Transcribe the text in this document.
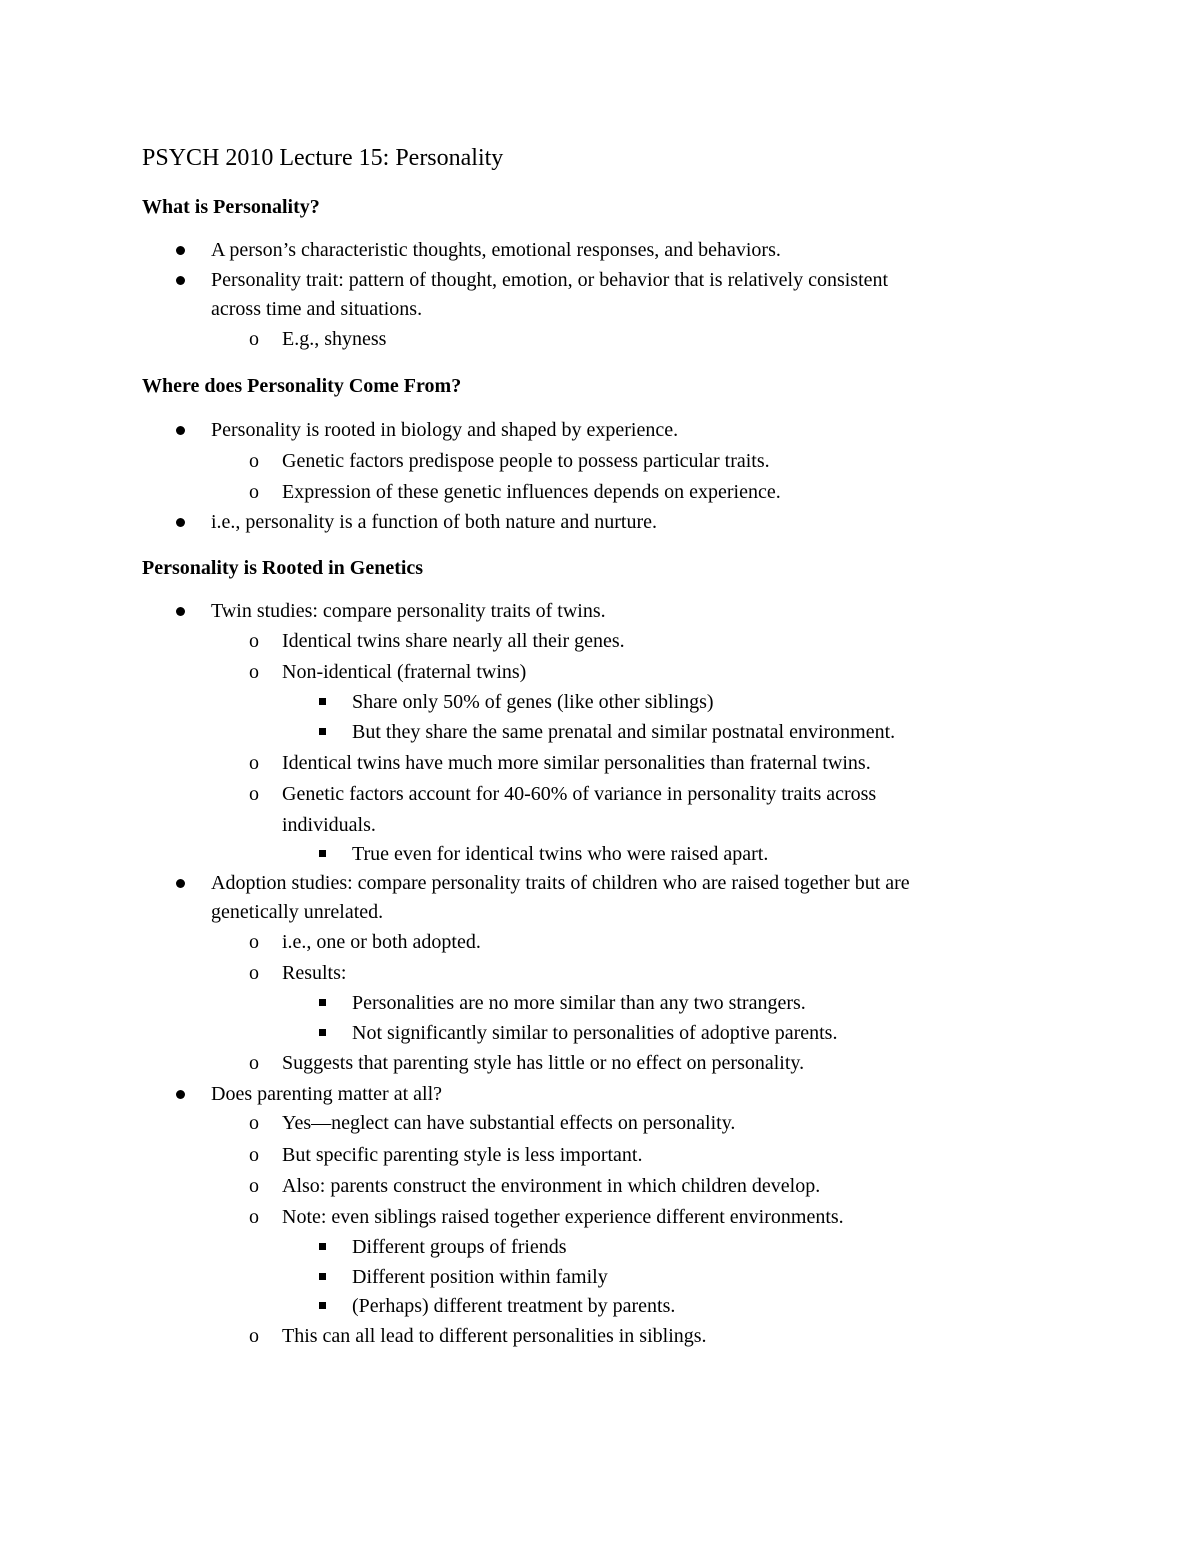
PSYCH 2010 Lecture 15: Personality
What is Personality?

A person’s characteristic thoughts, emotional responses, and behaviors.

Personality trait: pattern of thought, emotion, or behavior that is relatively consistent

across time and situations.

o E.g., shyness

Where does Personality Come From?

Personality is rooted in biology and shaped by experience.

o Genetic factors predispose people to possess particular traits.

o Expression of these genetic influences depends on experience.

i.e., personality is a function of both nature and nurture.

Personality is Rooted in Genetics

Twin studies: compare personality traits of twins.

o Identical twins share nearly all their genes.

o Non-identical (fraternal twins)

Share only 50% of genes (like other siblings)

But they share the same prenatal and similar postnatal environment.

o Identical twins have much more similar personalities than fraternal twins.

o Genetic factors account for 40-60% of variance in personality traits across

individuals.

True even for identical twins who were raised apart.

Adoption studies: compare personality traits of children who are raised together but are

genetically unrelated.

o i.e., one or both adopted.

o Results:

Personalities are no more similar than any two strangers.

Not significantly similar to personalities of adoptive parents.

o Suggests that parenting style has little or no effect on personality.

Does parenting matter at all?

o Yes—neglect can have substantial effects on personality.

o But specific parenting style is less important.

o Also: parents construct the environment in which children develop.

o Note: even siblings raised together experience different environments.

Different groups of friends

Different position within family

(Perhaps) different treatment by parents.

o This can all lead to different personalities in siblings.
